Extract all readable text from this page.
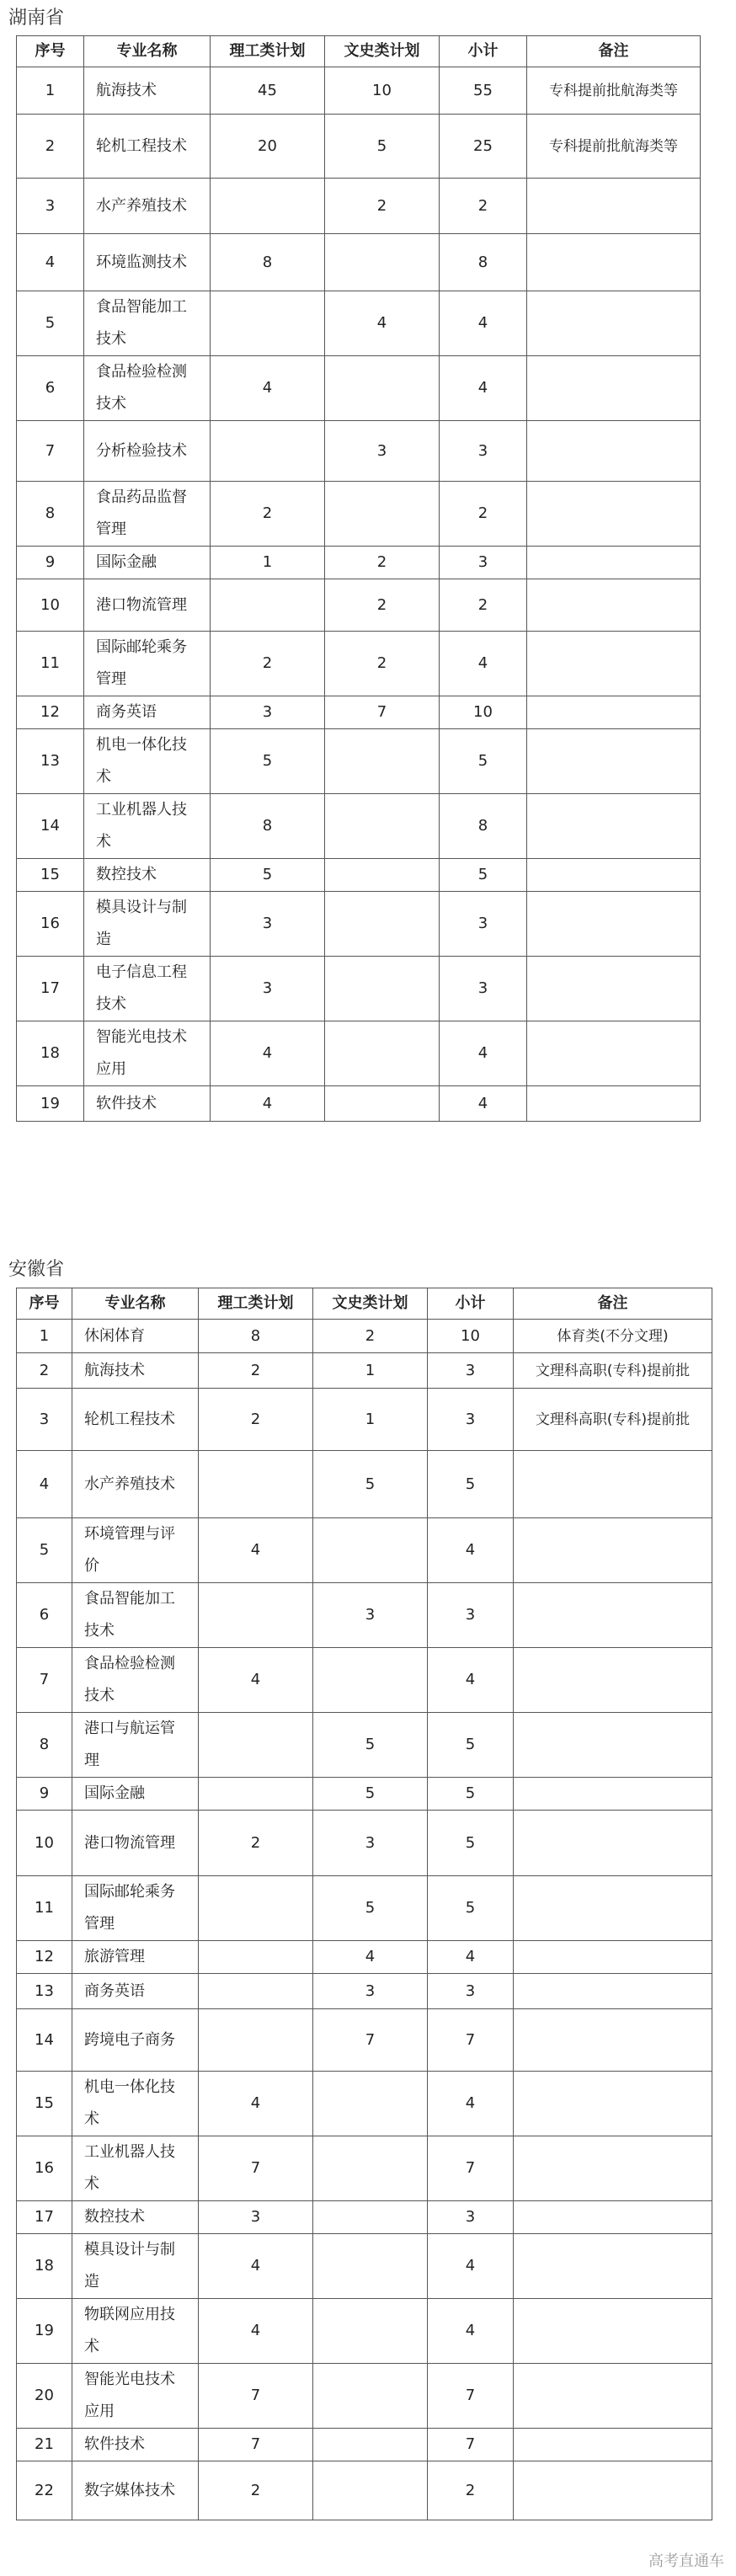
湖南省
序号	专业名称	理工类计划	文史类计划	小计	备注
1	航海技术	45	10	55	专科提前批航海类等
2	轮机工程技术	20	5	25	专科提前批航海类等
3	水产养殖技术		2	2	
4	环境监测技术	8		8	
5	食品智能加工技术		4	4	
6	食品检验检测技术	4		4	
7	分析检验技术		3	3	
8	食品药品监督管理	2		2	
9	国际金融	1	2	3	
10	港口物流管理		2	2	
11	国际邮轮乘务管理	2	2	4	
12	商务英语	3	7	10	
13	机电一体化技术	5		5	
14	工业机器人技术	8		8	
15	数控技术	5		5	
16	模具设计与制造	3		3	
17	电子信息工程技术	3		3	
18	智能光电技术应用	4		4	
19	软件技术	4		4	
安徽省
序号	专业名称	理工类计划	文史类计划	小计	备注
1	休闲体育	8	2	10	体育类(不分文理)
2	航海技术	2	1	3	文理科高职(专科)提前批
3	轮机工程技术	2	1	3	文理科高职(专科)提前批
4	水产养殖技术		5	5	
5	环境管理与评价	4		4	
6	食品智能加工技术		3	3	
7	食品检验检测技术	4		4	
8	港口与航运管理		5	5	
9	国际金融		5	5	
10	港口物流管理	2	3	5	
11	国际邮轮乘务管理		5	5	
12	旅游管理		4	4	
13	商务英语		3	3	
14	跨境电子商务		7	7	
15	机电一体化技术	4		4	
16	工业机器人技术	7		7	
17	数控技术	3		3	
18	模具设计与制造	4		4	
19	物联网应用技术	4		4	
20	智能光电技术应用	7		7	
21	软件技术	7		7	
22	数字媒体技术	2		2	
高考直通车
